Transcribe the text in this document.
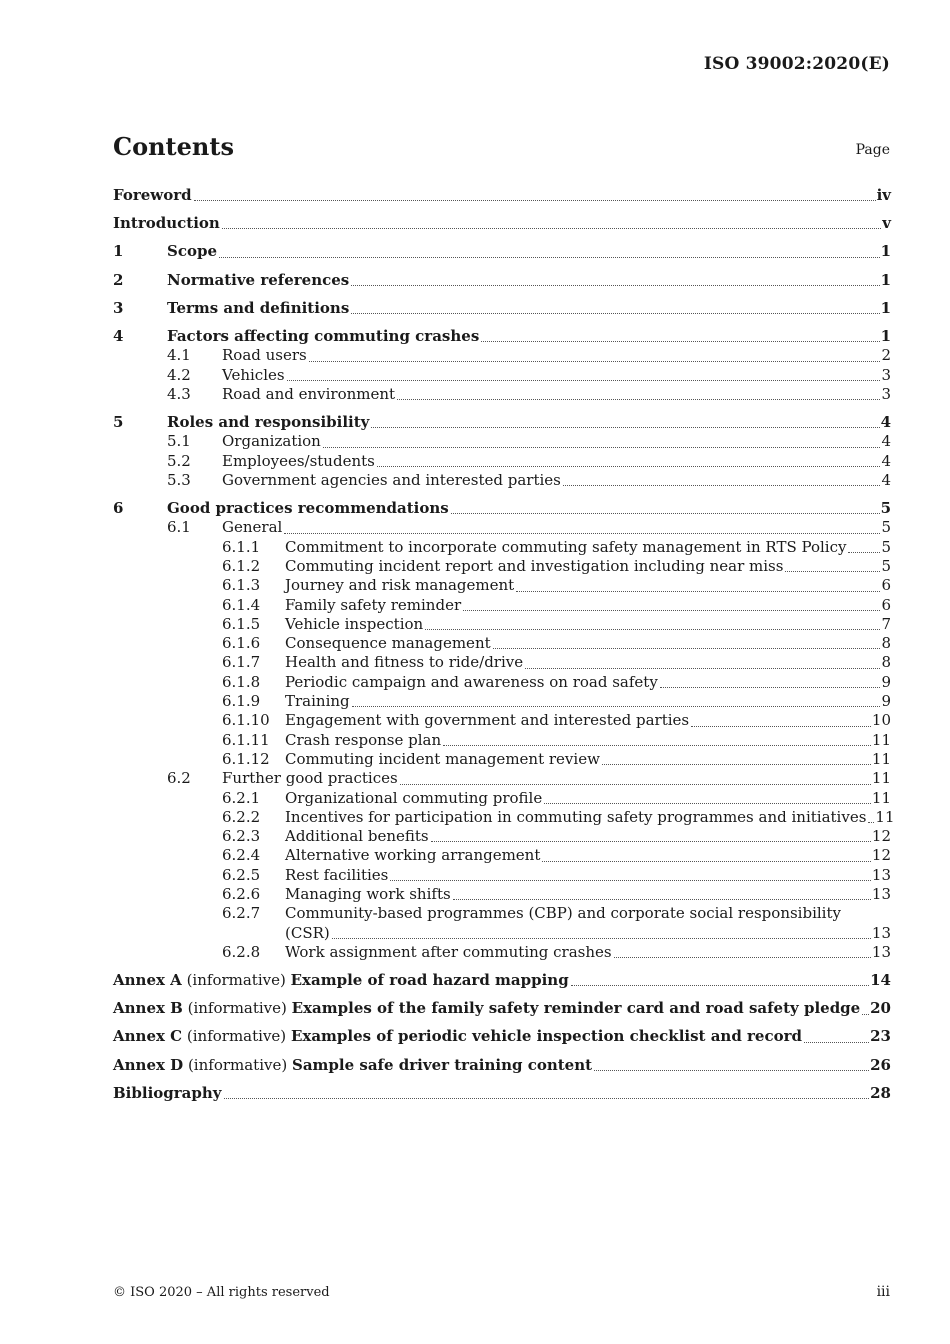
ISO 39002:2020(E)
Contents	Page
Foreword	iv
Introduction	v
1	Scope	1
2	Normative references	1
3	Terms and definitions	1
4	Factors affecting commuting crashes	1
4.1	Road users	2
4.2	Vehicles	3
4.3	Road and environment	3
5	Roles and responsibility	4
5.1	Organization	4
5.2	Employees/students	4
5.3	Government agencies and interested parties	4
6	Good practices recommendations	5
6.1	General	5
6.1.1	Commitment to incorporate commuting safety management in RTS Policy 5
6.1.2	Commuting incident report and investigation including near miss	5
6.1.3	Journey and risk management	6
6.1.4	Family safety reminder	6
6.1.5	Vehicle inspection	7
6.1.6	Consequence management	8
6.1.7	Health and fitness to ride/drive	8
6.1.8	Periodic campaign and awareness on road safety	9
6.1.9	Training	9
6.1.10	Engagement with government and interested parties	10
6.1.11	Crash response plan	11
6.1.12	Commuting incident management review	11
6.2	Further good practices	11
6.2.1	Organizational commuting profile	11
6.2.2	Incentives for participation in commuting safety programmes and initiatives 11
6.2.3	Additional benefits	12
6.2.4	Alternative working arrangement	12
6.2.5	Rest facilities	13
6.2.6	Managing work shifts	13
6.2.7	Community-based programmes (CBP) and corporate social responsibility
(CSR)	13
6.2.8	Work assignment after commuting crashes	13
Annex A (informative) Example of road hazard mapping	14
Annex B (informative) Examples of the family safety reminder card and road safety pledge 20
Annex C (informative) Examples of periodic vehicle inspection checklist and record	23
Annex D (informative) Sample safe driver training content	26
Bibliography	28
© ISO 2020 – All rights reserved	iii
